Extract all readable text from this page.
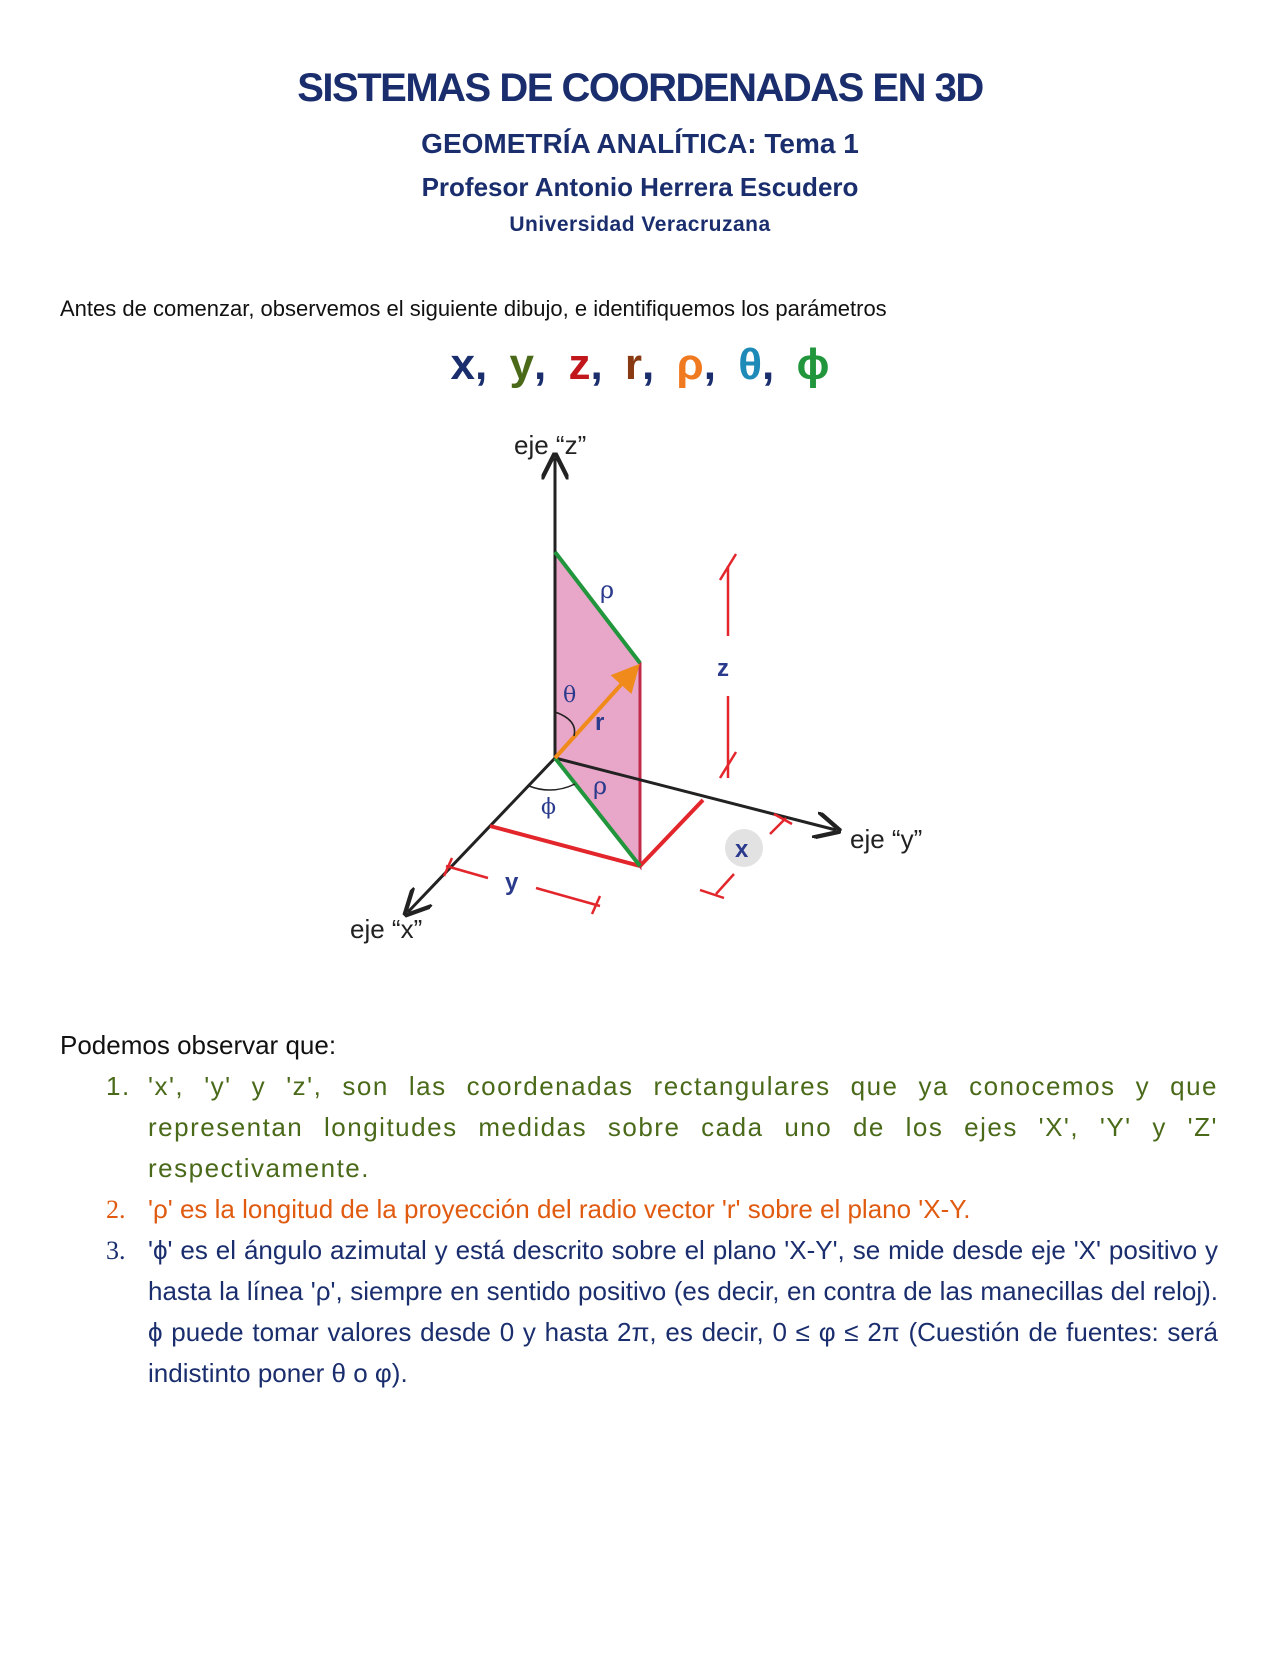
SISTEMAS DE COORDENADAS EN 3D
GEOMETRÍA ANALÍTICA: Tema 1
Profesor Antonio Herrera Escudero
Universidad Veracruzana
Antes de comenzar, observemos el siguiente dibujo, e identifiquemos los parámetros
x, y, z, r, ρ, θ, ϕ
eje “z”
eje “y”
eje “x”
ρ
ρ
θ
ϕ
r
z
x
y
Podemos observar que:
1. 'x', 'y' y 'z', son las coordenadas rectangulares que ya conocemos y que representan longitudes medidas sobre cada uno de los ejes 'X', 'Y' y 'Z' respectivamente.
2. 'ρ' es la longitud de la proyección del radio vector 'r' sobre el plano 'X-Y.
3. 'ϕ' es el ángulo azimutal y está descrito sobre el plano 'X-Y', se mide desde eje 'X' positivo y hasta la línea 'ρ', siempre en sentido positivo (es decir, en contra de las manecillas del reloj). ϕ puede tomar valores desde 0 y hasta 2π, es decir, 0 ≤ φ ≤ 2π (Cuestión de fuentes: será indistinto poner θ o φ).
